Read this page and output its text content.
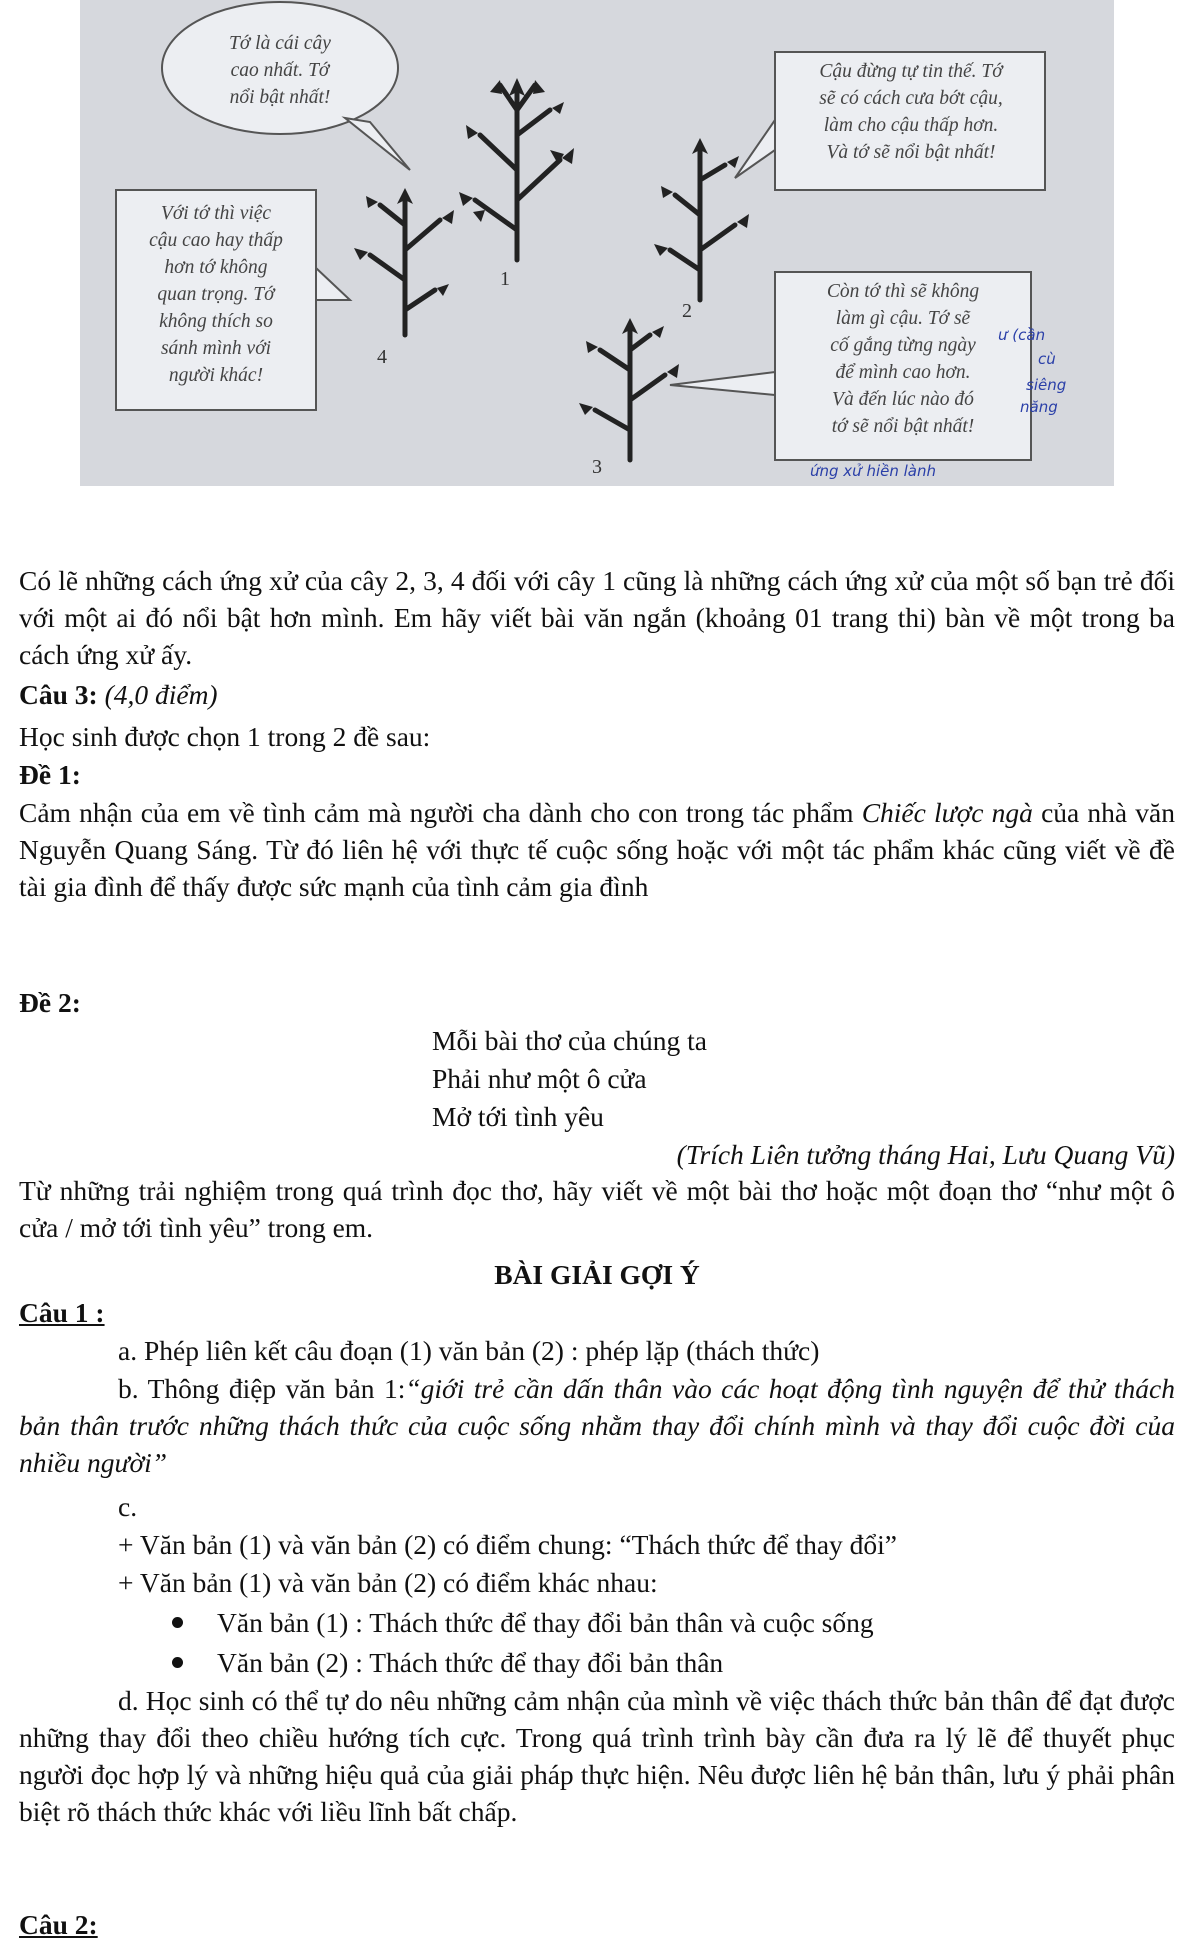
Tớ là cái cây
cao nhất. Tớ
nổi bật nhất!
Cậu đừng tự tin thế. Tớ
sẽ có cách cưa bớt cậu,
làm cho cậu thấp hơn.
Và tớ sẽ nổi bật nhất!
Với tớ thì việc
cậu cao hay thấp
hơn tớ không
quan trọng. Tớ
không thích so
sánh mình với
người khác!
Còn tớ thì sẽ không
làm gì cậu. Tớ sẽ
cố gắng từng ngày
để mình cao hơn.
Và đến lúc nào đó
tớ sẽ nổi bật nhất!
1
2
3
4
ư (cần
cù
siêng
năng
ứng xử hiền lành
Có lẽ những cách ứng xử của cây 2, 3, 4 đối với cây 1 cũng là những cách ứng xử của một số bạn trẻ đối với một ai đó nổi bật hơn mình. Em hãy viết bài văn ngắn (khoảng 01 trang thi) bàn về một trong ba cách ứng xử ấy.
Câu 3: (4,0 điểm)
Học sinh được chọn 1 trong 2 đề sau:
Đề 1:
Cảm nhận của em về tình cảm mà người cha dành cho con trong tác phẩm Chiếc lược ngà của nhà văn Nguyễn Quang Sáng. Từ đó liên hệ với thực tế cuộc sống hoặc với một tác phẩm khác cũng viết về đề tài gia đình để thấy được sức mạnh của tình cảm gia đình
Đề 2:
Mỗi bài thơ của chúng ta
Phải như một ô cửa
Mở tới tình yêu
(Trích Liên tưởng tháng Hai, Lưu Quang Vũ)
Từ những trải nghiệm trong quá trình đọc thơ, hãy viết về một bài thơ hoặc một đoạn thơ “như một ô cửa / mở tới tình yêu” trong em.
BÀI GIẢI GỢI Ý
Câu 1 :
a. Phép liên kết câu đoạn (1) văn bản (2) : phép lặp (thách thức)
b. Thông điệp văn bản 1:“giới trẻ cần dấn thân vào các hoạt động tình nguyện để thử thách bản thân trước những thách thức của cuộc sống nhằm thay đổi chính mình và thay đổi cuộc đời của nhiều người”
c.
+ Văn bản (1) và văn bản (2) có điểm chung: “Thách thức để thay đổi”
+ Văn bản (1) và văn bản (2) có điểm khác nhau:
Văn bản (1) : Thách thức để thay đổi bản thân và cuộc sống
Văn bản (2) : Thách thức để thay đổi bản thân
d. Học sinh có thể tự do nêu những cảm nhận của mình về việc thách thức bản thân để đạt được những thay đổi theo chiều hướng tích cực. Trong quá trình trình bày cần đưa ra lý lẽ để thuyết phục người đọc hợp lý và những hiệu quả của giải pháp thực hiện. Nêu được liên hệ bản thân, lưu ý phải phân biệt rõ thách thức khác với liều lĩnh bất chấp.
Câu 2:
